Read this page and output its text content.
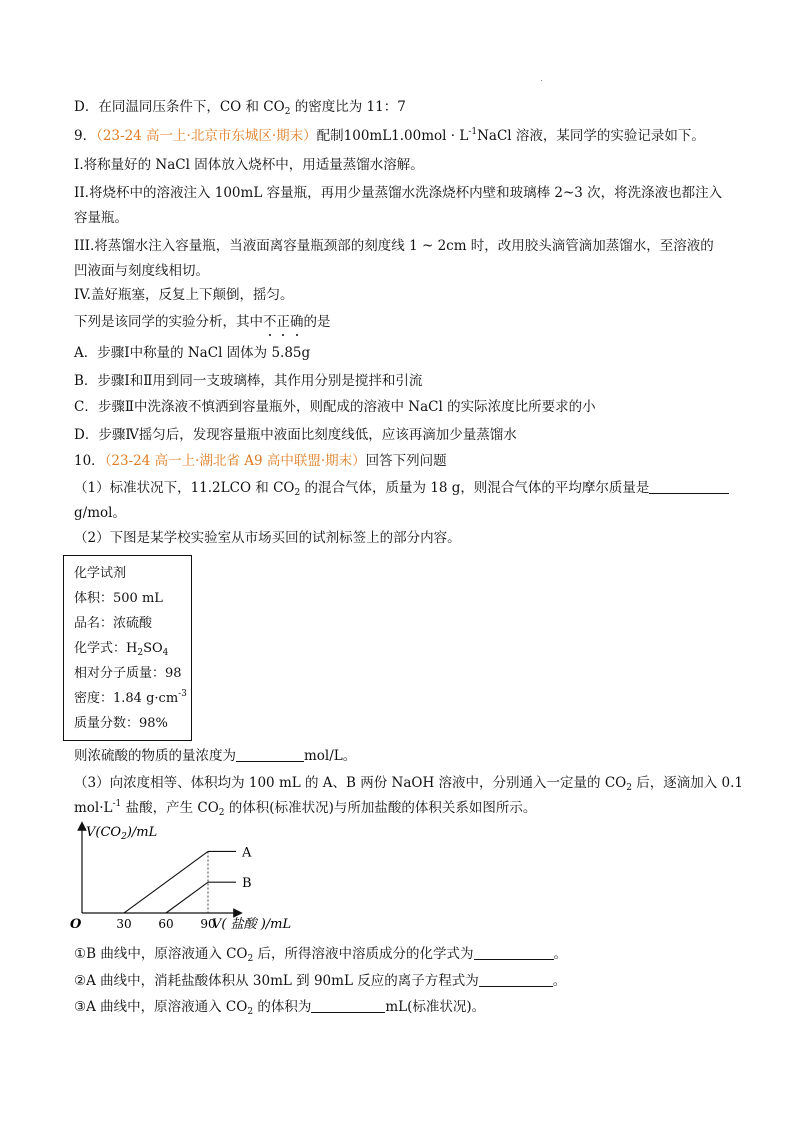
D．在同温同压条件下，CO 和 $CO_2$ 的密度比为 11：7
9．（23-24 高一上·北京市东城区·期末）配制$100mL1.00mol \cdot L^{-1}NaCl$ 溶液，某同学的实验记录如下。
I.将称量好的 NaCl 固体放入烧杯中，用适量蒸馏水溶解。
II.将烧杯中的溶液注入 100mL 容量瓶，再用少量蒸馏水洗涤烧杯内壁和玻璃棒 2~3 次，将洗涤液也都注入
容量瓶。
III.将蒸馏水注入容量瓶，当液面离容量瓶颈部的刻度线 1 ~ 2cm 时，改用胶头滴管滴加蒸馏水，至溶液的
凹液面与刻度线相切。
IV.盖好瓶塞，反复上下颠倒，摇匀。
下列是该同学的实验分析，其中不
正
确
的是
A．步骤Ⅰ中称量的 NaCl 固体为 5.85g
B．步骤Ⅰ和Ⅱ用到同一支玻璃棒，其作用分别是搅拌和引流
C．步骤Ⅱ中洗涤液不慎洒到容量瓶外，则配成的溶液中 NaCl 的实际浓度比所要求的小
D．步骤Ⅳ摇匀后，发现容量瓶中液面比刻度线低，应该再滴加少量蒸馏水
10．（23-24 高一上·湖北省 A9 高中联盟·期末）回答下列问题
（1）标准状况下，11.2LCO 和 $CO_2$ 的混合气体，质量为 18 g，则混合气体的平均摩尔质量是
g/mol。
（2）下图是某学校实验室从市场买回的试剂标签上的部分内容。
化学试剂
体积：500 mL
品名：浓硫酸
化学式：$H_2SO_4$
相对分子质量：98
密度：1.84 $g\cdot cm^{-3}$
质量分数：98%
则浓硫酸的物质的量浓度为	mol/L。
（3）向浓度相等、体积均为 100 mL 的 A、B 两份 NaOH 溶液中，分别通入一定量的 $CO_2$ 后，逐滴加入 0.1
$mol\cdot L^{-1}$ 盐酸，产生 $CO_2$ 的体积(标准状况)与所加盐酸的体积关系如图所示。
$V(CO_2)/mL$
O	30 60 90
V( 盐酸 )/mL
A
B
①B 曲线中，原溶液通入 $CO_2$ 后，所得溶液中溶质成分的化学式为	。
②A 曲线中，消耗盐酸体积从 30mL 到 90mL 反应的离子方程式为	。
③A 曲线中，原溶液通入 $CO_2$ 的体积为	mL(标准状况)。
